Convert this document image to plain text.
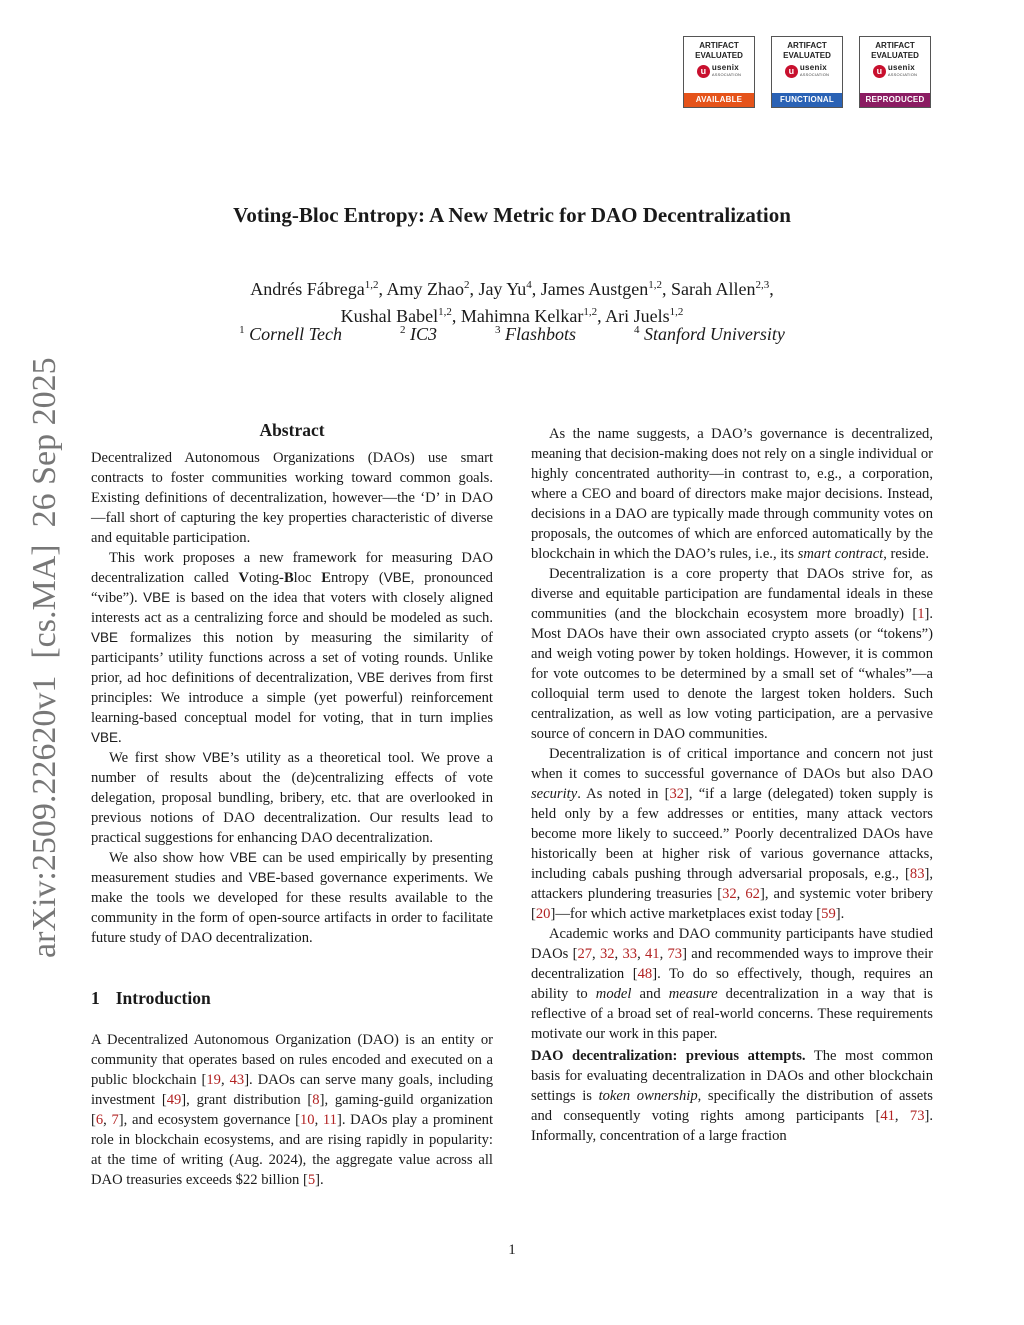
ARTIFACT
EVALUATED
u usenix
ASSOCIATION
AVAILABLE
ARTIFACT
EVALUATED
u usenix
ASSOCIATION
FUNCTIONAL
ARTIFACT
EVALUATED
u usenix
ASSOCIATION
REPRODUCED
arXiv:2509.22620v1  [cs.MA]  26 Sep 2025
Voting-Bloc Entropy: A New Metric for DAO Decentralization
Andrés Fábrega$^{1,2}$, Amy Zhao$^2$, Jay Yu$^4$, James Austgen$^{1,2}$, Sarah Allen$^{2,3}$,
Kushal Babel$^{1,2}$, Mahimna Kelkar$^{1,2}$, Ari Juels$^{1,2}$
$^1$ Cornell Tech	$^2$ IC3	$^3$ Flashbots	$^4$ Stanford University
Abstract

Decentralized Autonomous Organizations (DAOs) use smart contracts to foster communities working toward common goals. Existing definitions of decentralization, however—the ‘D’ in DAO—fall short of capturing the key properties characteristic of diverse and equitable participation.

This work proposes a new framework for measuring DAO decentralization called Voting-Bloc Entropy (VBE, pronounced “vibe”). VBE is based on the idea that voters with closely aligned interests act as a centralizing force and should be modeled as such. VBE formalizes this notion by measuring the similarity of participants’ utility functions across a set of voting rounds. Unlike prior, ad hoc definitions of decentralization, VBE derives from first principles: We introduce a simple (yet powerful) reinforcement learning-based conceptual model for voting, that in turn implies VBE.

We first show VBE’s utility as a theoretical tool. We prove a number of results about the (de)centralizing effects of vote delegation, proposal bundling, bribery, etc. that are overlooked in previous notions of DAO decentralization. Our results lead to practical suggestions for enhancing DAO decentralization.

We also show how VBE can be used empirically by presenting measurement studies and VBE-based governance experiments. We make the tools we developed for these results available to the community in the form of open-source artifacts in order to facilitate future study of DAO decentralization.

1 Introduction

A Decentralized Autonomous Organization (DAO) is an entity or community that operates based on rules encoded and executed on a public blockchain [19, 43]. DAOs can serve many goals, including investment [49], grant distribution [8], gaming-guild organization [6, 7], and ecosystem governance [10, 11]. DAOs play a prominent role in blockchain ecosystems, and are rising rapidly in popularity: at the time of writing (Aug. 2024), the aggregate value across all DAO treasuries exceeds $22 billion [5].

As the name suggests, a DAO’s governance is decentralized, meaning that decision-making does not rely on a single individual or highly concentrated authority—in contrast to, e.g., a corporation, where a CEO and board of directors make major decisions. Instead, decisions in a DAO are typically made through community votes on proposals, the outcomes of which are enforced automatically by the blockchain in which the DAO’s rules, i.e., its smart contract, reside.

Decentralization is a core property that DAOs strive for, as diverse and equitable participation are fundamental ideals in these communities (and the blockchain ecosystem more broadly) [1]. Most DAOs have their own associated crypto assets (or “tokens”) and weigh voting power by token holdings. However, it is common for vote outcomes to be determined by a small set of “whales”—a colloquial term used to denote the largest token holders. Such centralization, as well as low voting participation, are a pervasive source of concern in DAO communities.

Decentralization is of critical importance and concern not just when it comes to successful governance of DAOs but also DAO security. As noted in [32], “if a large (delegated) token supply is held only by a few addresses or entities, many attack vectors become more likely to succeed.” Poorly decentralized DAOs have historically been at higher risk of various governance attacks, including cabals pushing through adversarial proposals, e.g., [83], attackers plundering treasuries [32, 62], and systemic voter bribery [20]—for which active marketplaces exist today [59].

Academic works and DAO community participants have studied DAOs [27, 32, 33, 41, 73] and recommended ways to improve their decentralization [48]. To do so effectively, though, requires an ability to model and measure decentralization in a way that is reflective of a broad set of real-world concerns. These requirements motivate our work in this paper.

DAO decentralization: previous attempts. The most common basis for evaluating decentralization in DAOs and other blockchain settings is token ownership, specifically the distribution of assets and consequently voting rights among participants [41, 73]. Informally, concentration of a large fraction

1
